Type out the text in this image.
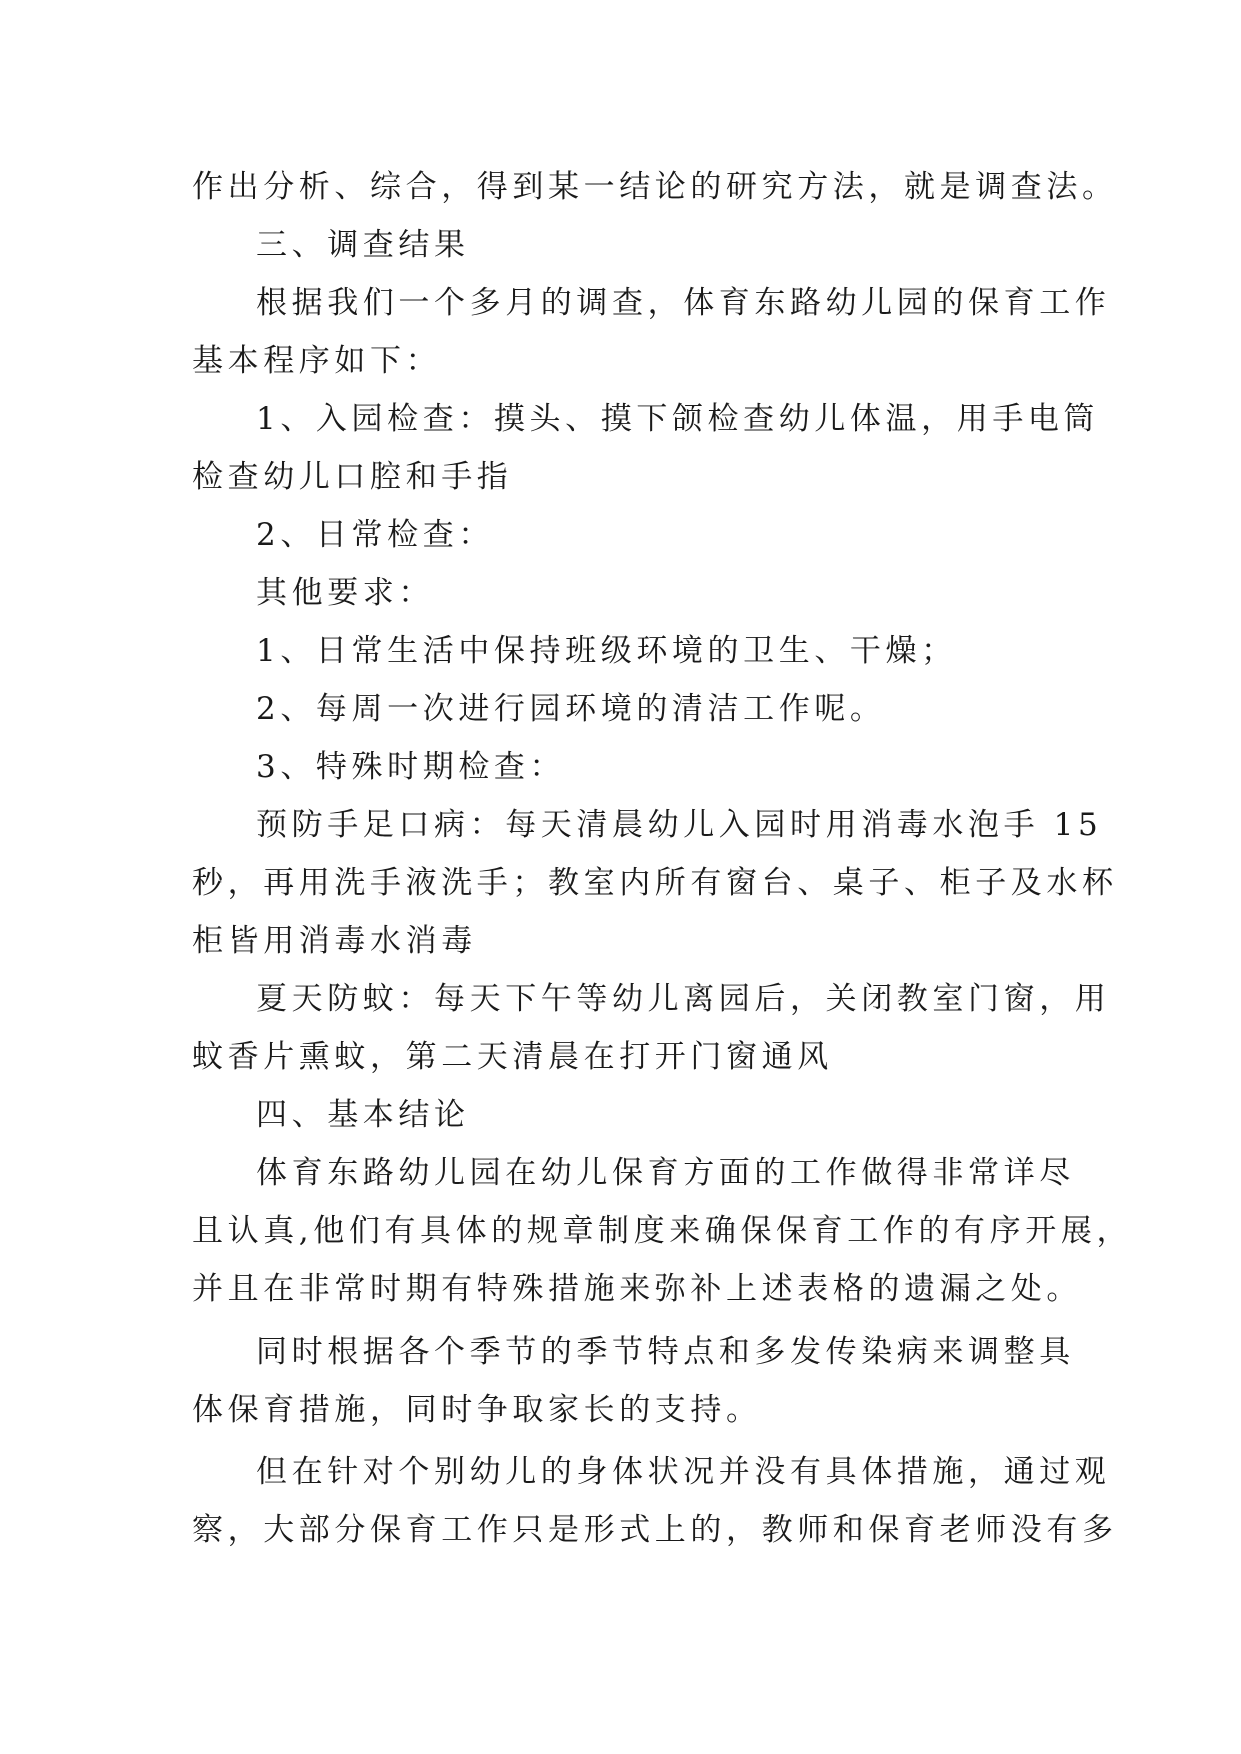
作出分析、综合，得到某一结论的研究方法，就是调查法。
三、调查结果
根据我们一个多月的调查，体育东路幼儿园的保育工作
基本程序如下：
1、入园检查：摸头、摸下颌检查幼儿体温，用手电筒
检查幼儿口腔和手指
2、日常检查：
其他要求：
1、日常生活中保持班级环境的卫生、干燥；
2、每周一次进行园环境的清洁工作呢。
3、特殊时期检查：
预防手足口病：每天清晨幼儿入园时用消毒水泡手 15
秒，再用洗手液洗手；教室内所有窗台、桌子、柜子及水杯
柜皆用消毒水消毒
夏天防蚊：每天下午等幼儿离园后，关闭教室门窗，用
蚊香片熏蚊，第二天清晨在打开门窗通风
四、基本结论
体育东路幼儿园在幼儿保育方面的工作做得非常详尽
且认真,他们有具体的规章制度来确保保育工作的有序开展，
并且在非常时期有特殊措施来弥补上述表格的遗漏之处。
同时根据各个季节的季节特点和多发传染病来调整具
体保育措施，同时争取家长的支持。
但在针对个别幼儿的身体状况并没有具体措施，通过观
察，大部分保育工作只是形式上的，教师和保育老师没有多
